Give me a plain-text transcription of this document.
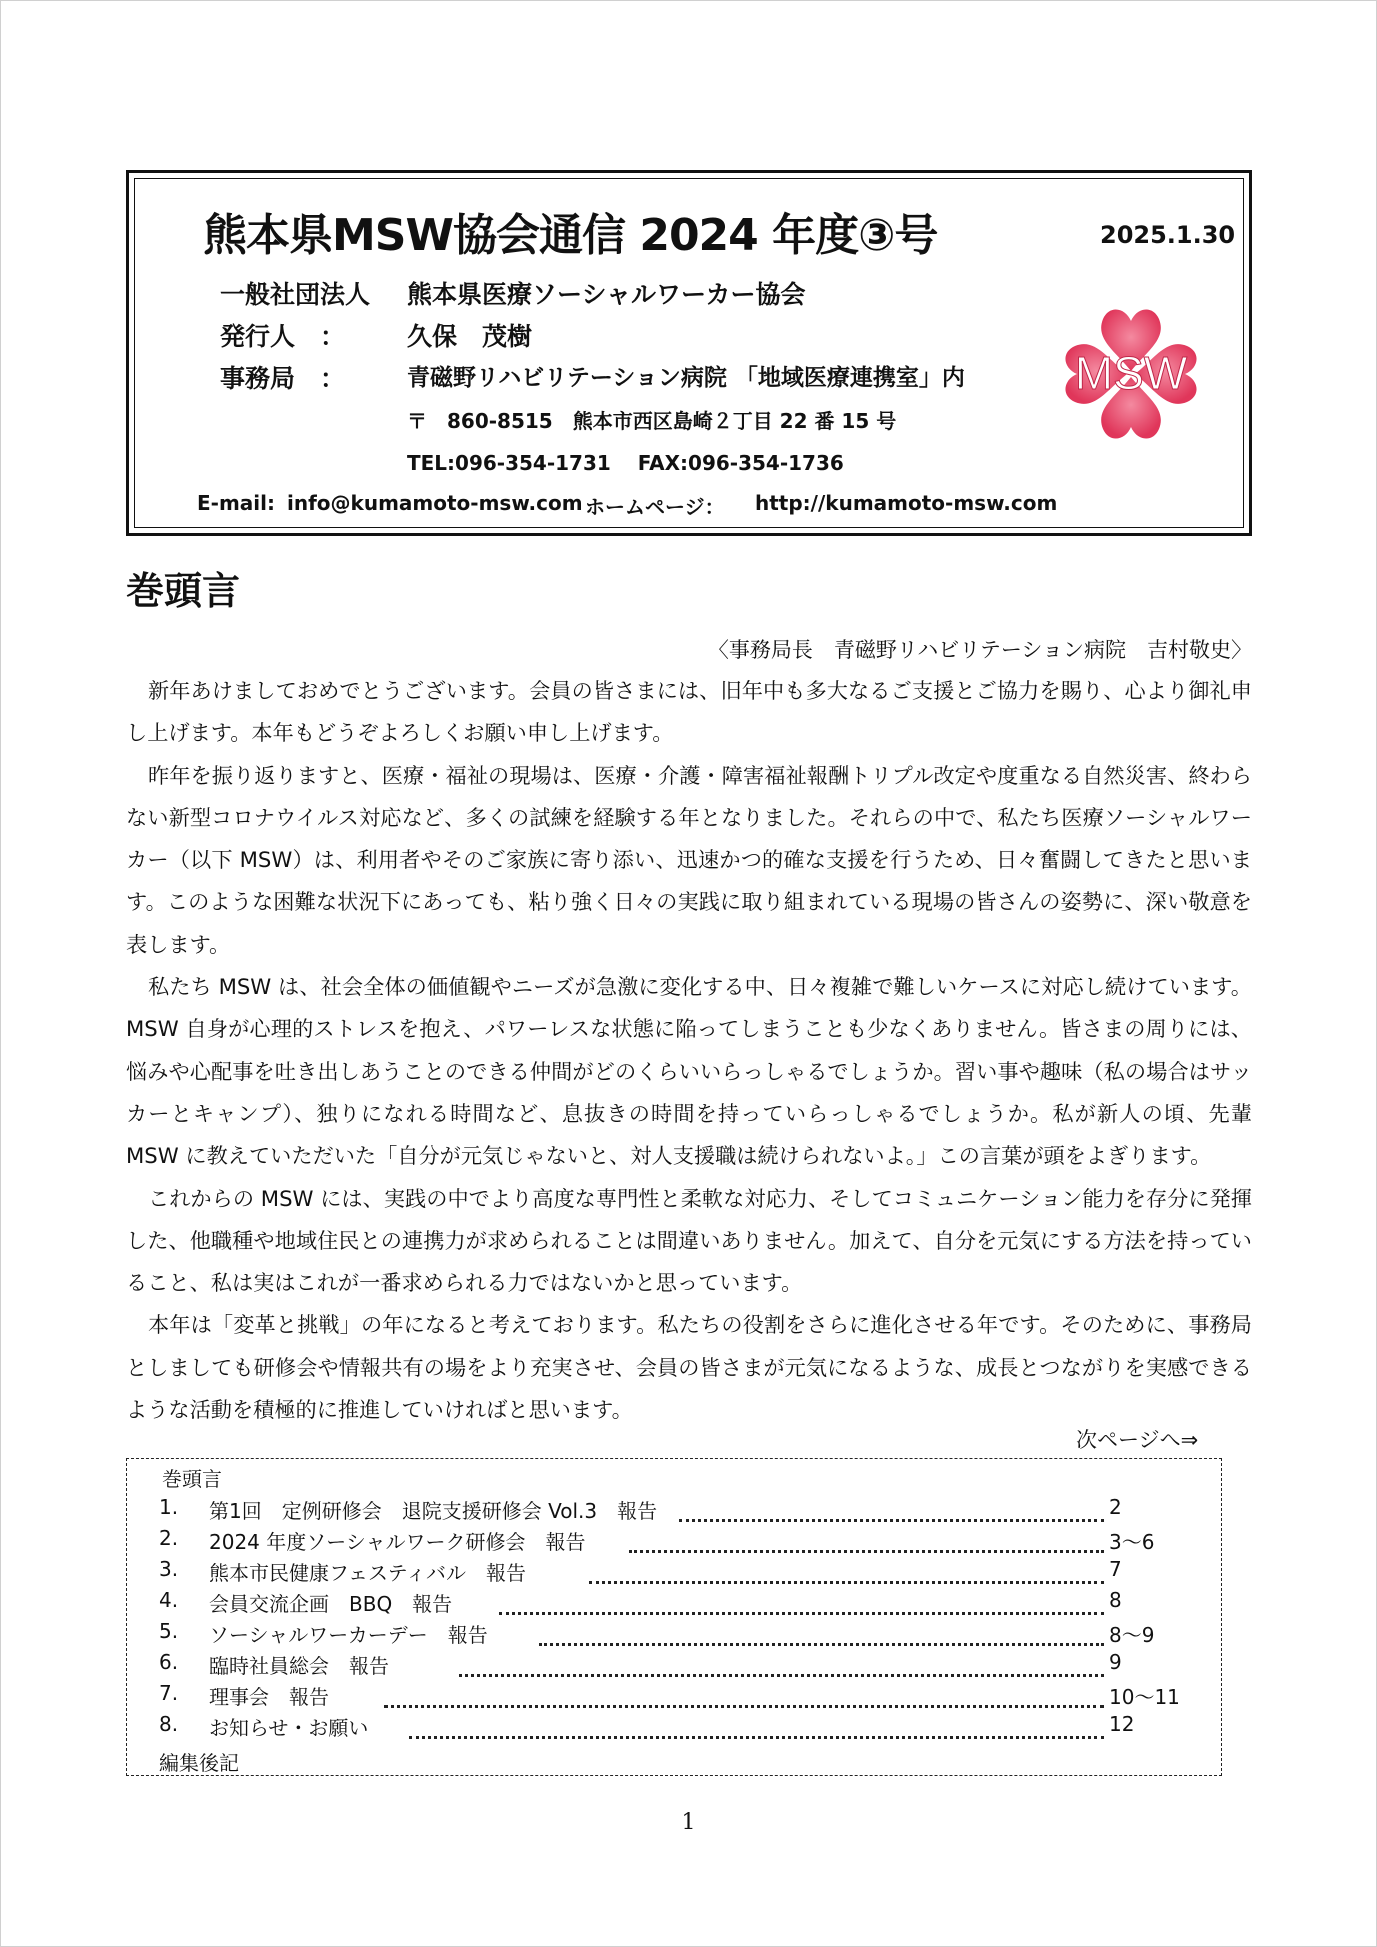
熊本県MSW協会通信 2024 年度③号	2025.1.30
一般社団法人 熊本県医療ソーシャルワーカー協会
発行人　： 久保　茂樹
事務局　：	青磁野リハビリテーション病院 「地域医療連携室」内
〒　860-8515　熊本市西区島崎２丁目 22 番 15 号
TEL:096-354-1731　 FAX:096-354-1736
E-mail: info@kumamoto-msw.com ホームページ： http://kumamoto-msw.com
MSW
巻頭言
〈事務局長　青磁野リハビリテーション病院　吉村敬史〉

新年あけましておめでとうございます。会員の皆さまには、旧年中も多大なるご支援とご協力を賜り、心より御礼申し上げます。本年もどうぞよろしくお願い申し上げます。

昨年を振り返りますと、医療・福祉の現場は、医療・介護・障害福祉報酬トリプル改定や度重なる自然災害、終わらない新型コロナウイルス対応など、多くの試練を経験する年となりました。それらの中で、私たち医療ソーシャルワーカー（以下 MSW）は、利用者やそのご家族に寄り添い、迅速かつ的確な支援を行うため、日々奮闘してきたと思います。このような困難な状況下にあっても、粘り強く日々の実践に取り組まれている現場の皆さんの姿勢に、深い敬意を表します。

私たち MSW は、社会全体の価値観やニーズが急激に変化する中、日々複雑で難しいケースに対応し続けています。MSW 自身が心理的ストレスを抱え、パワーレスな状態に陥ってしまうことも少なくありません。皆さまの周りには、悩みや心配事を吐き出しあうことのできる仲間がどのくらいいらっしゃるでしょうか。習い事や趣味（私の場合はサッカーとキャンプ）、独りになれる時間など、息抜きの時間を持っていらっしゃるでしょうか。私が新人の頃、先輩 MSW に教えていただいた「自分が元気じゃないと、対人支援職は続けられないよ。」この言葉が頭をよぎります。

これからの MSW には、実践の中でより高度な専門性と柔軟な対応力、そしてコミュニケーション能力を存分に発揮した、他職種や地域住民との連携力が求められることは間違いありません。加えて、自分を元気にする方法を持っていること、私は実はこれが一番求められる力ではないかと思っています。

本年は「変革と挑戦」の年になると考えております。私たちの役割をさらに進化させる年です。そのために、事務局としましても研修会や情報共有の場をより充実させ、会員の皆さまが元気になるような、成長とつながりを実感できるような活動を積極的に推進していければと思います。

次ページへ⇒
巻頭言
1. 第1回　定例研修会　退院支援研修会 Vol.3　報告	2
2. 2024 年度ソーシャルワーク研修会　報告	3〜6
3. 熊本市民健康フェスティバル　報告	7
4. 会員交流企画　BBQ　報告	8
5. ソーシャルワーカーデー　報告	8〜9
6. 臨時社員総会　報告	9
7. 理事会　報告	10〜11
8. お知らせ・お願い	12
編集後記
1
